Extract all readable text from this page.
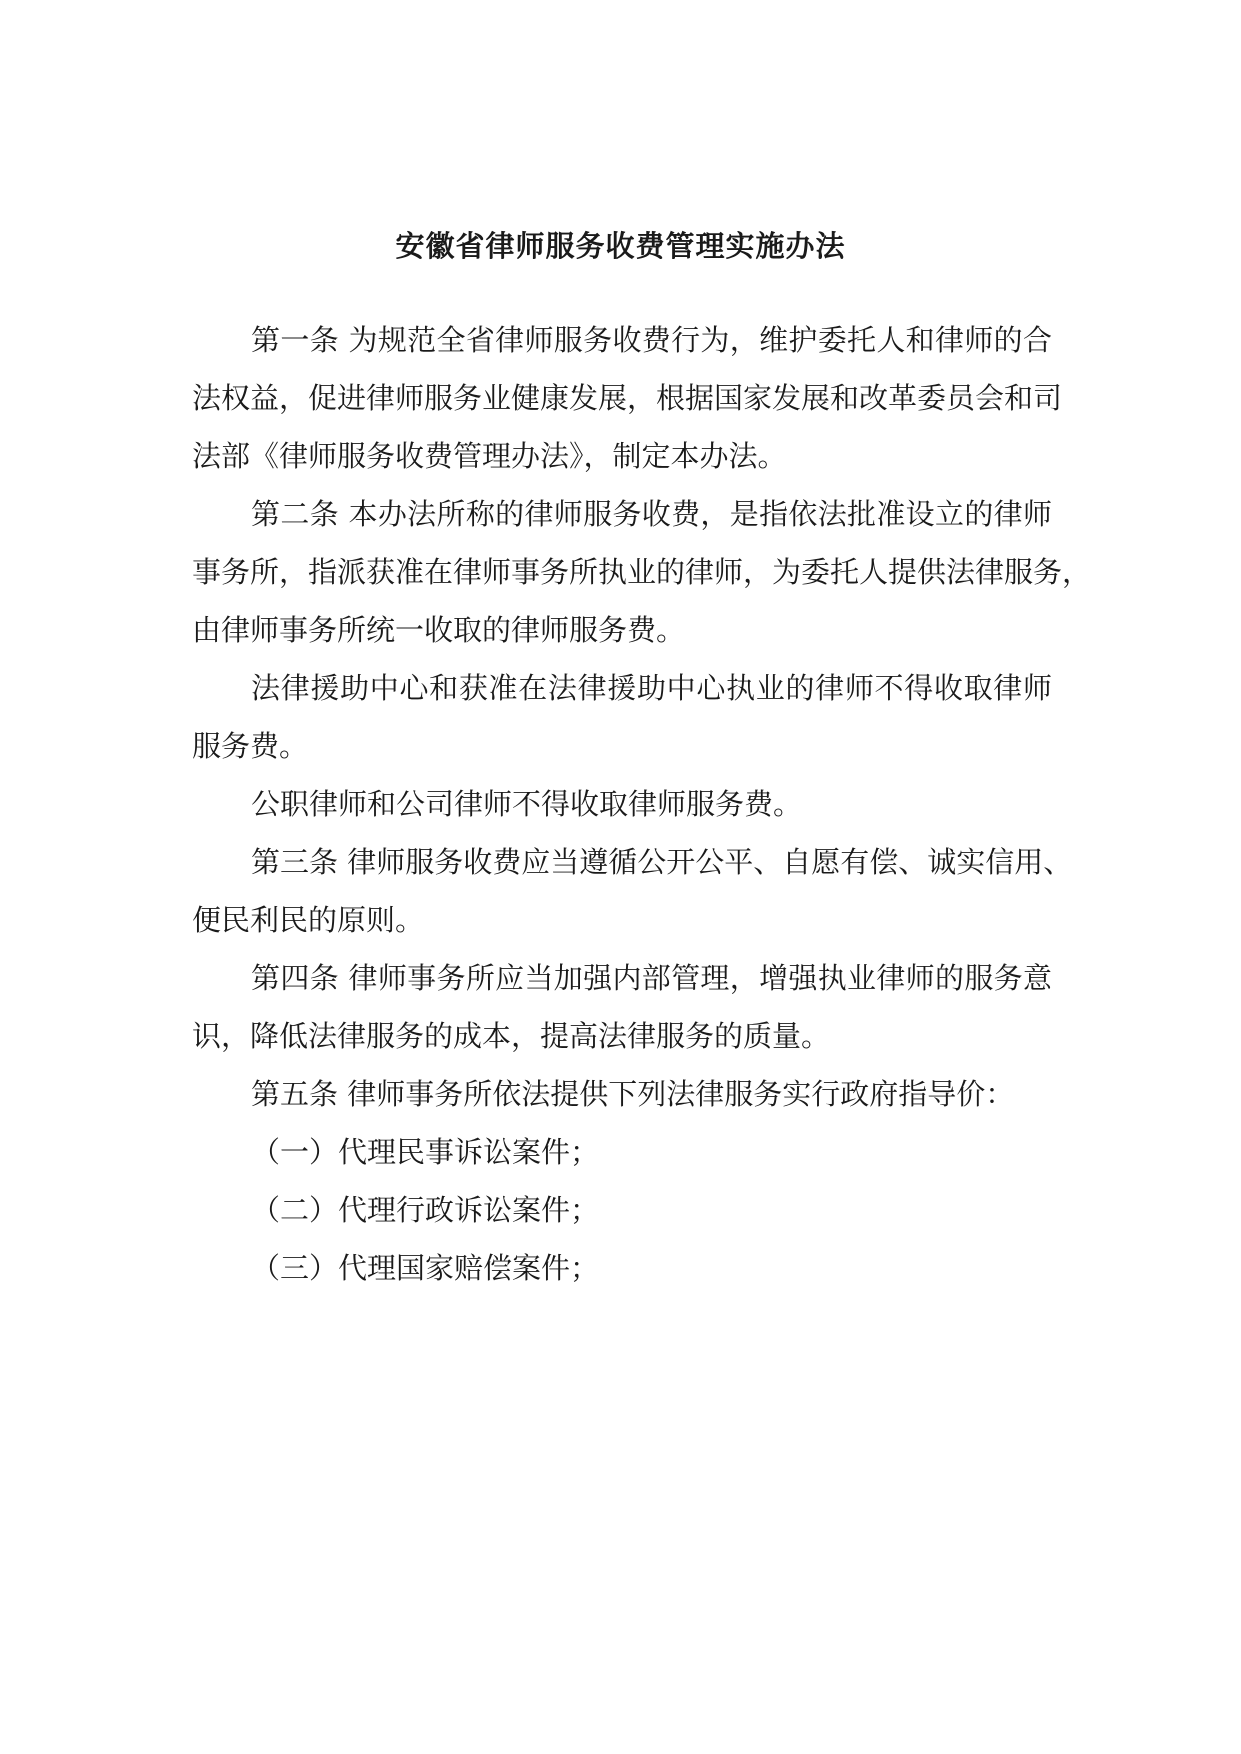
安徽省律师服务收费管理实施办法
第一条 为规范全省律师服务收费行为，维护委托人和律师的合
法权益，促进律师服务业健康发展，根据国家发展和改革委员会和司
法部《律师服务收费管理办法》，制定本办法。
第二条 本办法所称的律师服务收费，是指依法批准设立的律师
事务所，指派获准在律师事务所执业的律师，为委托人提供法律服务，
由律师事务所统一收取的律师服务费。
法律援助中心和获准在法律援助中心执业的律师不得收取律师
服务费。
公职律师和公司律师不得收取律师服务费。
第三条 律师服务收费应当遵循公开公平、自愿有偿、诚实信用、
便民利民的原则。
第四条 律师事务所应当加强内部管理，增强执业律师的服务意
识，降低法律服务的成本，提高法律服务的质量。
第五条 律师事务所依法提供下列法律服务实行政府指导价：
（一）代理民事诉讼案件；
（二）代理行政诉讼案件；
（三）代理国家赔偿案件；
